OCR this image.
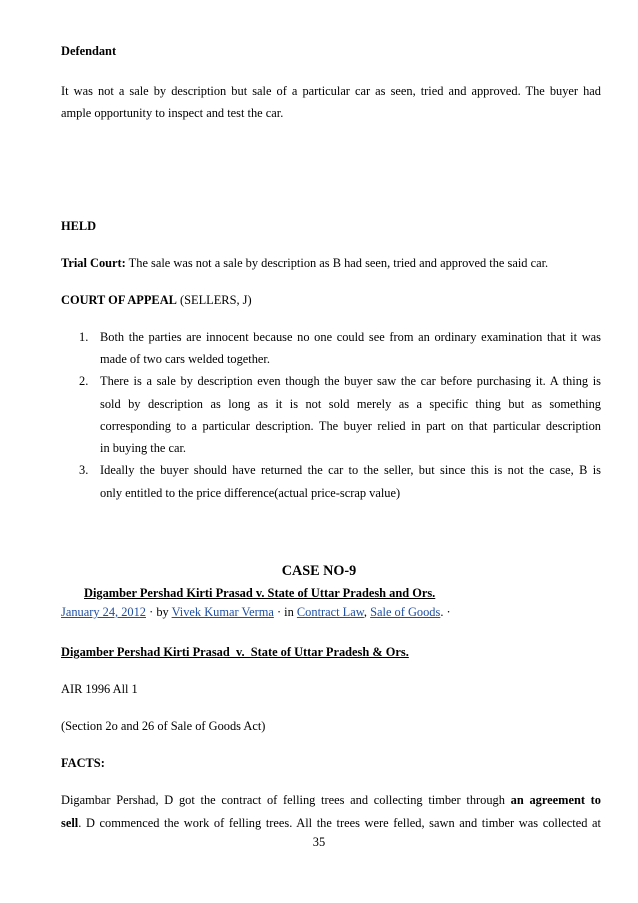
Defendant
It was not a sale by description but sale of a particular car as seen, tried and approved. The buyer had
ample opportunity to inspect and test the car.
HELD
Trial Court: The sale was not a sale by description as B had seen, tried and approved the said car.
COURT OF APPEAL (SELLERS, J)
1. Both the parties are innocent because no one could see from an ordinary examination that it was
made of two cars welded together.
2. There is a sale by description even though the buyer saw the car before purchasing it. A thing is
sold by description as long as it is not sold merely as a specific thing but as something
corresponding to a particular description. The buyer relied in part on that particular description
in buying the car.
3. Ideally the buyer should have returned the car to the seller, but since this is not the case, B is
only entitled to the price difference(actual price-scrap value)
CASE NO-9
Digamber Pershad Kirti Prasad v. State of Uttar Pradesh and Ors.
January 24, 2012 · by Vivek Kumar Verma · in Contract Law, Sale of Goods. ·
Digamber Pershad Kirti Prasad  v.  State of Uttar Pradesh & Ors.
AIR 1996 All 1
(Section 2o and 26 of Sale of Goods Act)
FACTS:
Digambar Pershad, D got the contract of felling trees and collecting timber through an agreement to
sell. D commenced the work of felling trees. All the trees were felled, sawn and timber was collected at
35
